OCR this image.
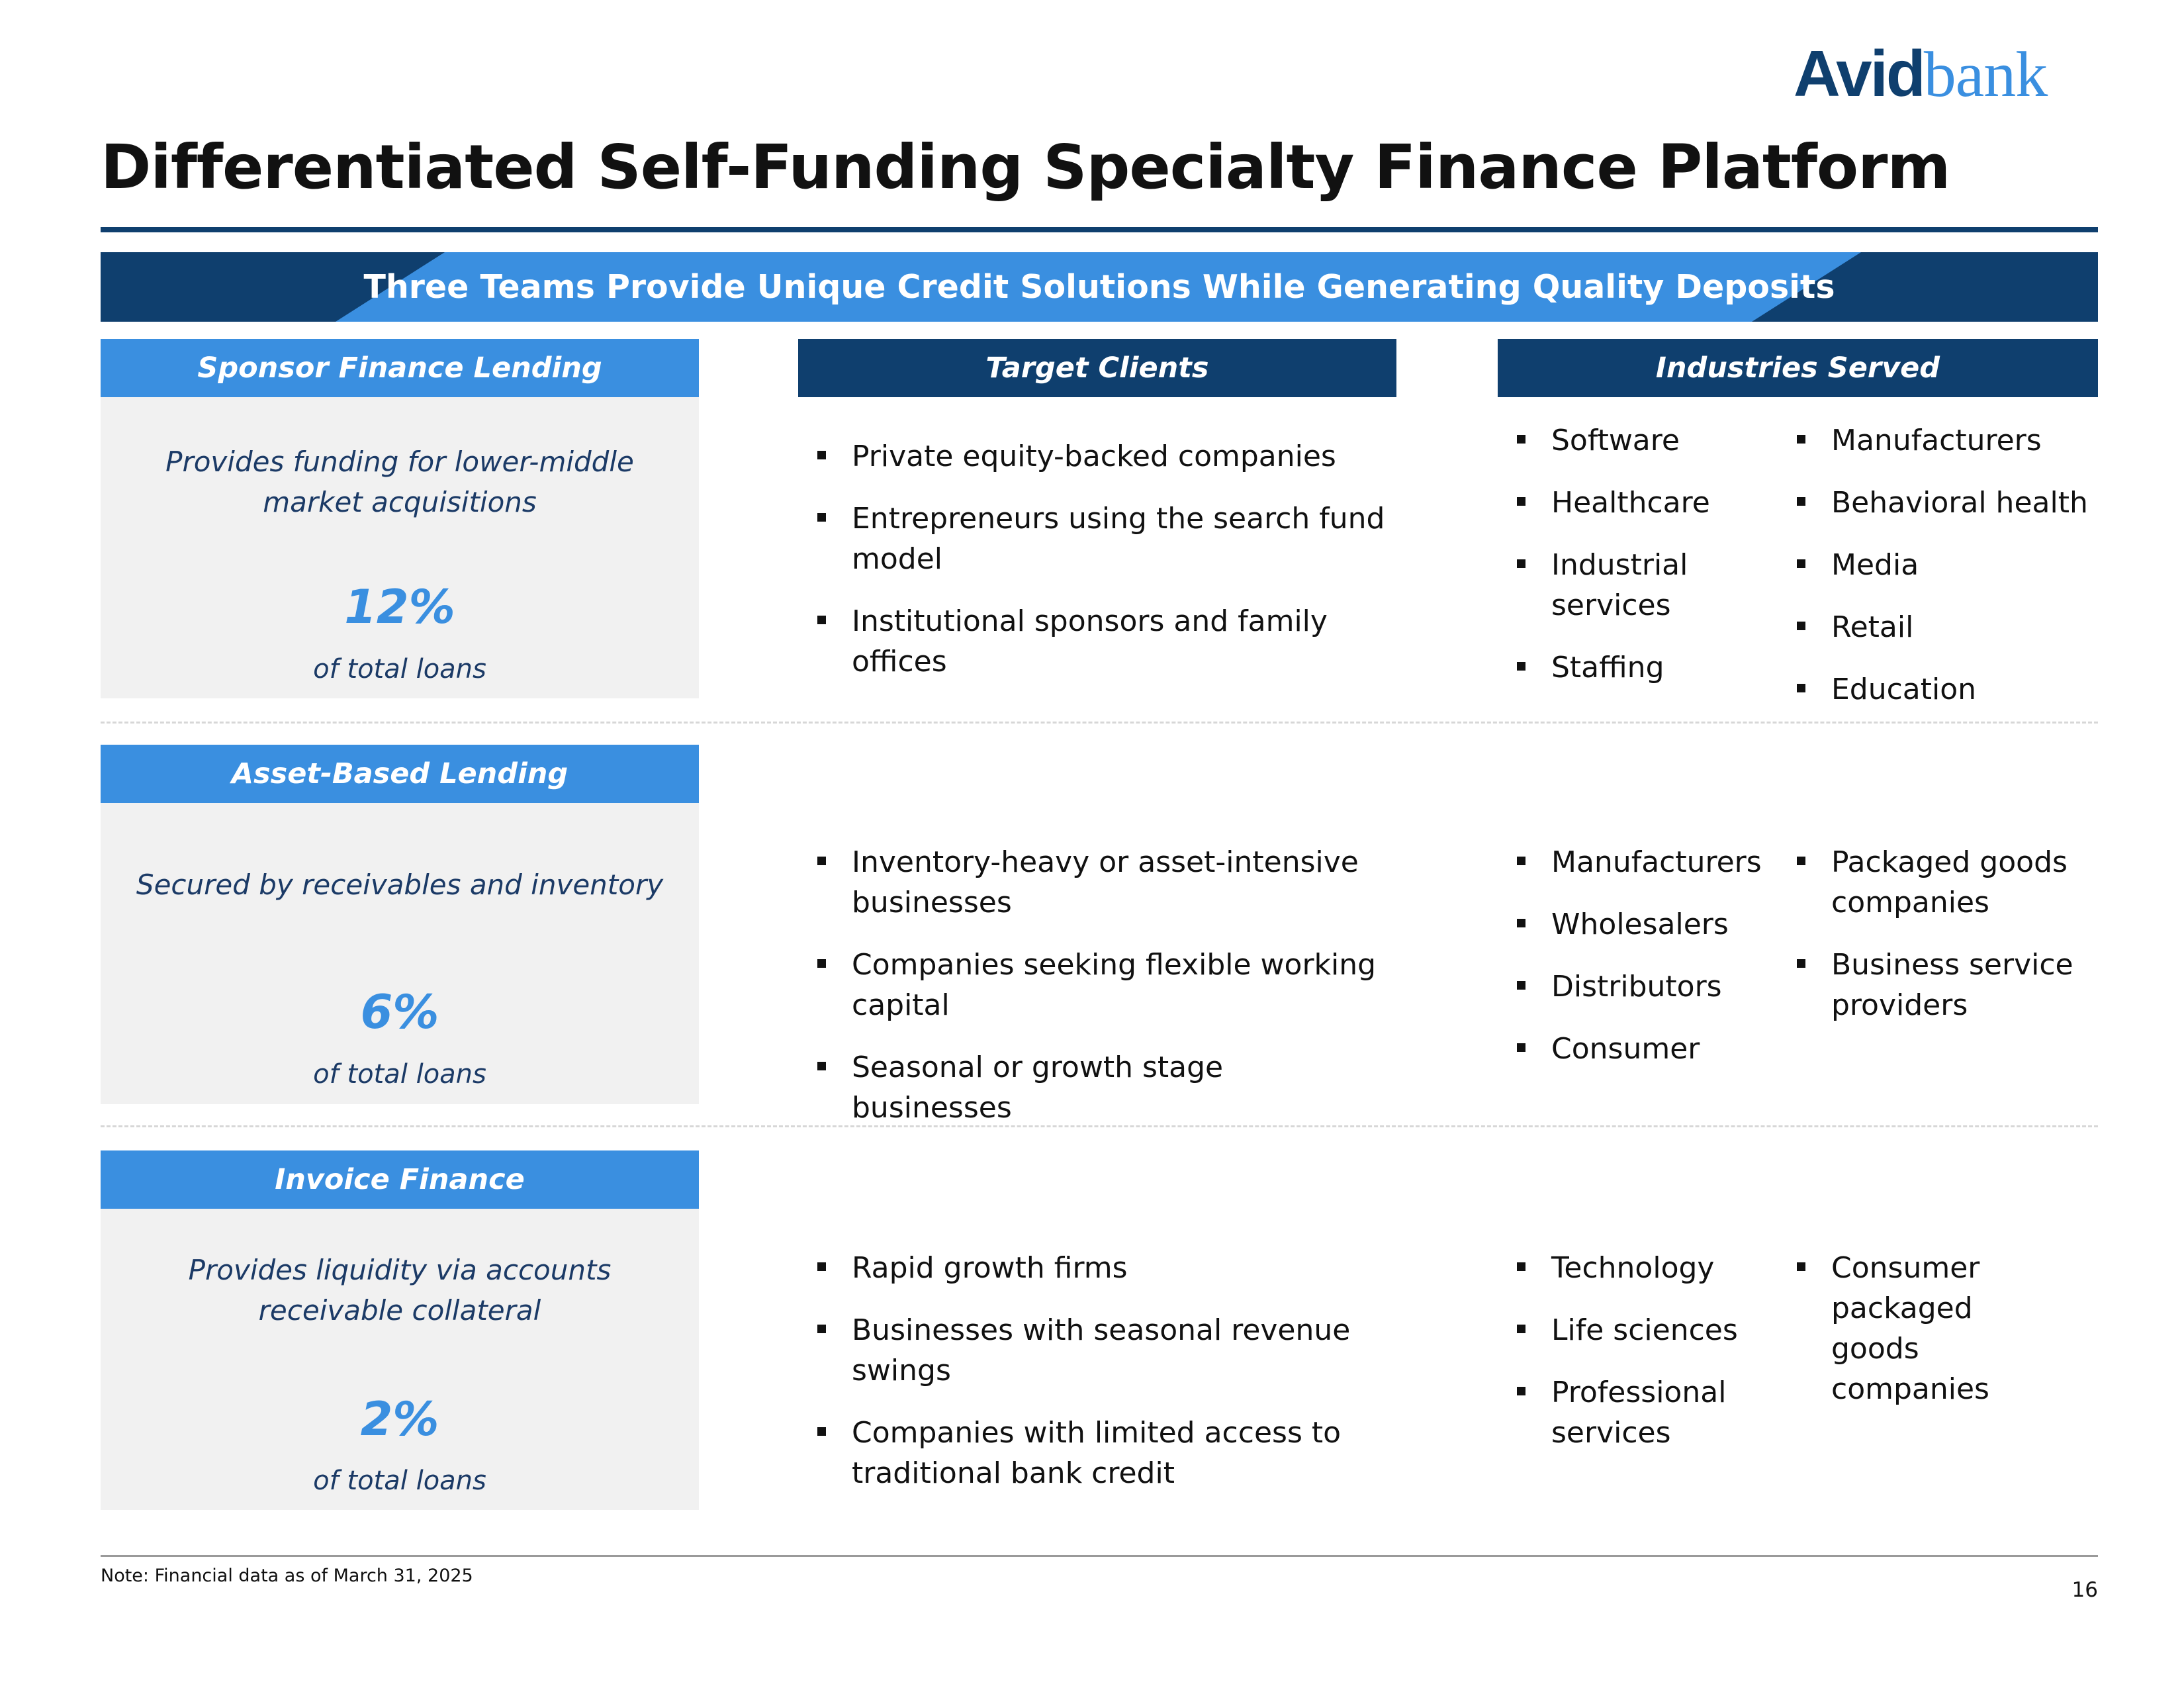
Avidbank
Differentiated Self-Funding Specialty Finance Platform
Three Teams Provide Unique Credit Solutions While Generating Quality Deposits
Sponsor Finance Lending	Target Clients	Industries Served
Provides funding for lower-middle market acquisitions
12%
of total loans
Private equity-backed companies
Entrepreneurs using the search fund model
Institutional sponsors and family offices
Software
Healthcare
Industrial services
Staffing
Manufacturers
Behavioral health
Media
Retail
Education
Asset-Based Lending
Secured by receivables and inventory
6%
of total loans
Inventory-heavy or asset-intensive businesses
Companies seeking flexible working capital
Seasonal or growth stage businesses
Manufacturers
Wholesalers
Distributors
Consumer
Packaged goods companies
Business service providers
Invoice Finance
Provides liquidity via accounts receivable collateral
2%
of total loans
Rapid growth firms
Businesses with seasonal revenue swings
Companies with limited access to traditional bank credit
Technology
Life sciences
Professional services
Consumer packaged goods companies
Note: Financial data as of March 31, 2025
16
